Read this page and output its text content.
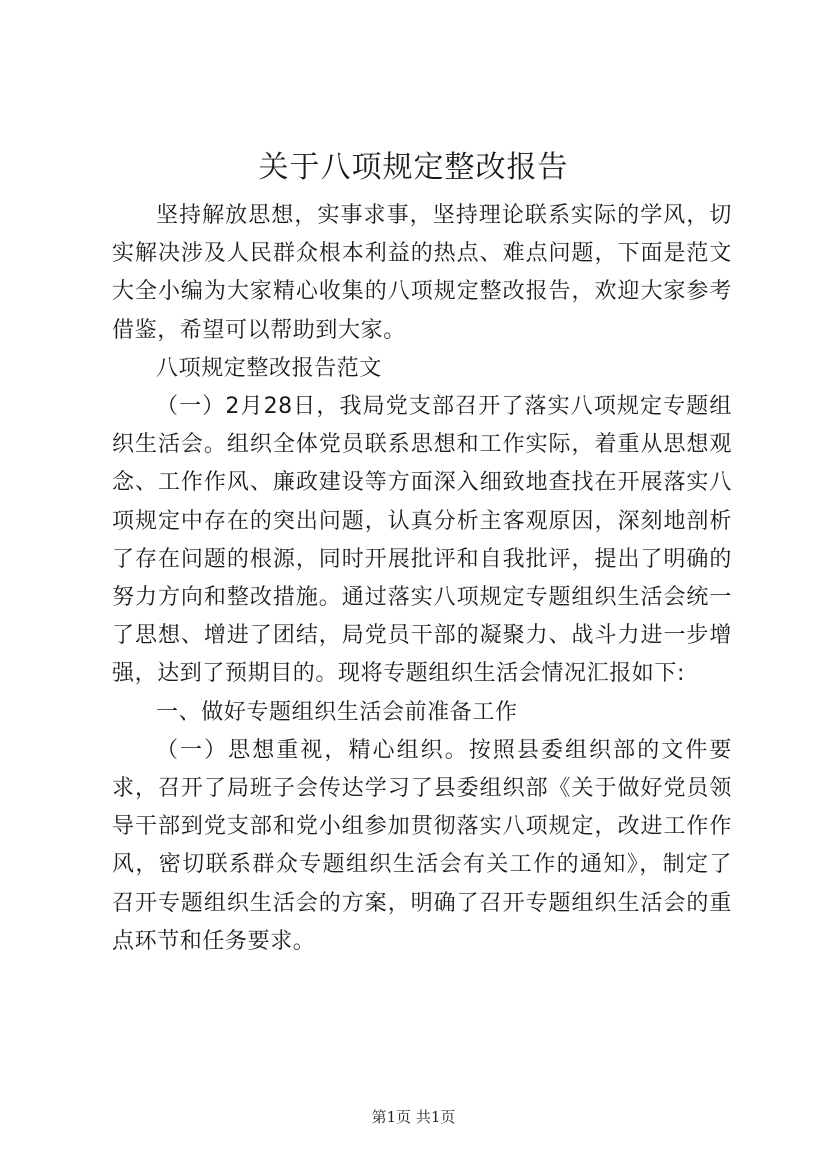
关于八项规定整改报告

坚持解放思想，实事求事，坚持理论联系实际的学风，切实解决涉及人民群众根本利益的热点、难点问题，下面是范文大全小编为大家精心收集的八项规定整改报告，欢迎大家参考借鉴，希望可以帮助到大家。

八项规定整改报告范文

（一）2月28日，我局党支部召开了落实八项规定专题组织生活会。组织全体党员联系思想和工作实际，着重从思想观念、工作作风、廉政建设等方面深入细致地查找在开展落实八项规定中存在的突出问题，认真分析主客观原因，深刻地剖析了存在问题的根源，同时开展批评和自我批评，提出了明确的努力方向和整改措施。通过落实八项规定专题组织生活会统一了思想、增进了团结，局党员干部的凝聚力、战斗力进一步增强，达到了预期目的。现将专题组织生活会情况汇报如下:

一、做好专题组织生活会前准备工作

（一）思想重视，精心组织。按照县委组织部的文件要求，召开了局班子会传达学习了县委组织部《关于做好党员领导干部到党支部和党小组参加贯彻落实八项规定，改进工作作风，密切联系群众专题组织生活会有关工作的通知》，制定了召开专题组织生活会的方案，明确了召开专题组织生活会的重点环节和任务要求。

第1页 共1页
